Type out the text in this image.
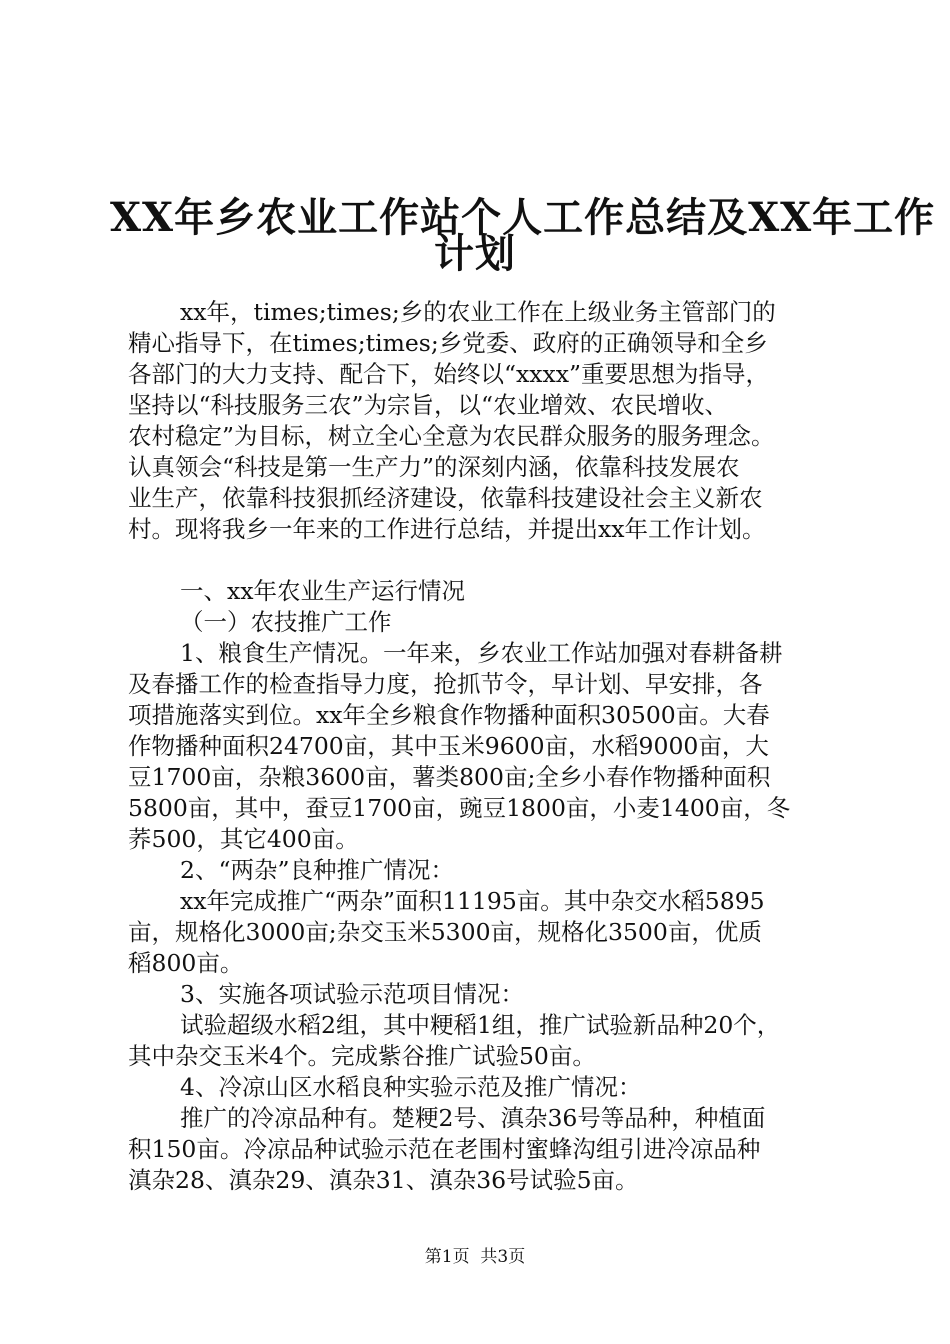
XX年乡农业工作站个人工作总结及XX年工作
计划
xx年，times;times;乡的农业工作在上级业务主管部门的
精心指导下，在times;times;乡党委、政府的正确领导和全乡
各部门的大力支持、配合下，始终以“xxxx”重要思想为指导，
坚持以“科技服务三农”为宗旨，以“农业增效、农民增收、
农村稳定”为目标，树立全心全意为农民群众服务的服务理念。
认真领会“科技是第一生产力”的深刻内涵，依靠科技发展农
业生产，依靠科技狠抓经济建设，依靠科技建设社会主义新农
村。现将我乡一年来的工作进行总结，并提出xx年工作计划。
一、xx年农业生产运行情况
（一）农技推广工作
1、粮食生产情况。一年来，乡农业工作站加强对春耕备耕
及春播工作的检查指导力度，抢抓节令，早计划、早安排，各
项措施落实到位。xx年全乡粮食作物播种面积30500亩。大春
作物播种面积24700亩，其中玉米9600亩，水稻9000亩，大
豆1700亩，杂粮3600亩，薯类800亩;全乡小春作物播种面积
5800亩，其中，蚕豆1700亩，豌豆1800亩，小麦1400亩，冬
荞500，其它400亩。
2、“两杂”良种推广情况：
xx年完成推广“两杂”面积11195亩。其中杂交水稻5895
亩，规格化3000亩;杂交玉米5300亩，规格化3500亩，优质
稻800亩。
3、实施各项试验示范项目情况：
试验超级水稻2组，其中粳稻1组，推广试验新品种20个，
其中杂交玉米4个。完成紫谷推广试验50亩。
4、冷凉山区水稻良种实验示范及推广情况：
推广的冷凉品种有。楚粳2号、滇杂36号等品种，种植面
积150亩。冷凉品种试验示范在老围村蜜蜂沟组引进冷凉品种
滇杂28、滇杂29、滇杂31、滇杂36号试验5亩。
第1页  共3页
